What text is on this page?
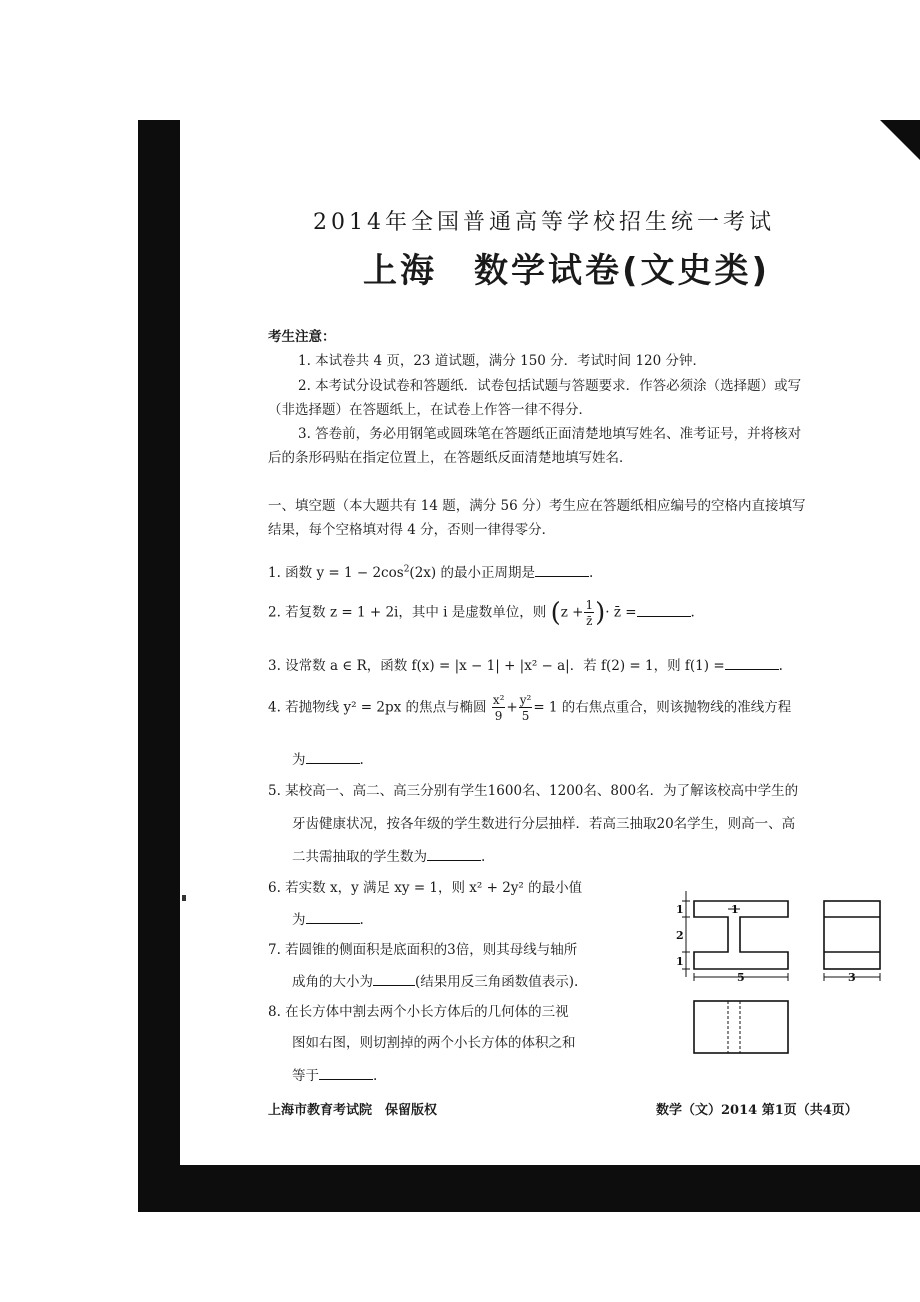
2014年全国普通高等学校招生统一考试
上海　数学试卷(文史类)
考生注意：
1. 本试卷共 4 页，23 道试题，满分 150 分．考试时间 120 分钟．
2. 本考试分设试卷和答题纸．试卷包括试题与答题要求．作答必须涂（选择题）或写
（非选择题）在答题纸上，在试卷上作答一律不得分．
3. 答卷前，务必用钢笔或圆珠笔在答题纸正面清楚地填写姓名、准考证号，并将核对
后的条形码贴在指定位置上，在答题纸反面清楚地填写姓名．
一、填空题（本大题共有 14 题，满分 56 分）考生应在答题纸相应编号的空格内直接填写
结果，每个空格填对得 4 分，否则一律得零分．
1. 函数 $y = 1 - 2\cos^2(2x)$ 的最小正周期是	.
2. 若复数 z = 1 + 2i，其中 i 是虚数单位，则 ($z + \frac{1}{z̄}$ )· z̄ =	.
3. 设常数 a ∈ R，函数 f(x) = |x − 1| + |x² − a|．若 f(2) = 1，则 f(1) =	.
4. 若抛物线 y² = 2px 的焦点与椭圆 $\frac{\text{x²}}{9} + \frac{\text{y²}}{5} = 1$ 的右焦点重合，则该抛物线的准线方程
为	.
5. 某校高一、高二、高三分别有学生1600名、1200名、800名．为了解该校高中学生的
牙齿健康状况，按各年级的学生数进行分层抽样．若高三抽取20名学生，则高一、高
二共需抽取的学生数为	.
6. 若实数 x，y 满足 xy = 1，则 x² + 2y² 的最小值
为	.
7. 若圆锥的侧面积是底面积的3倍，则其母线与轴所
成角的大小为	(结果用反三角函数值表示).
8. 在长方体中割去两个小长方体后的几何体的三视
图如右图，则切割掉的两个小长方体的体积之和
等于	.
1
2
1
1
5	3
上海市教育考试院　保留版权	数学（文）2014 第1页（共4页）
